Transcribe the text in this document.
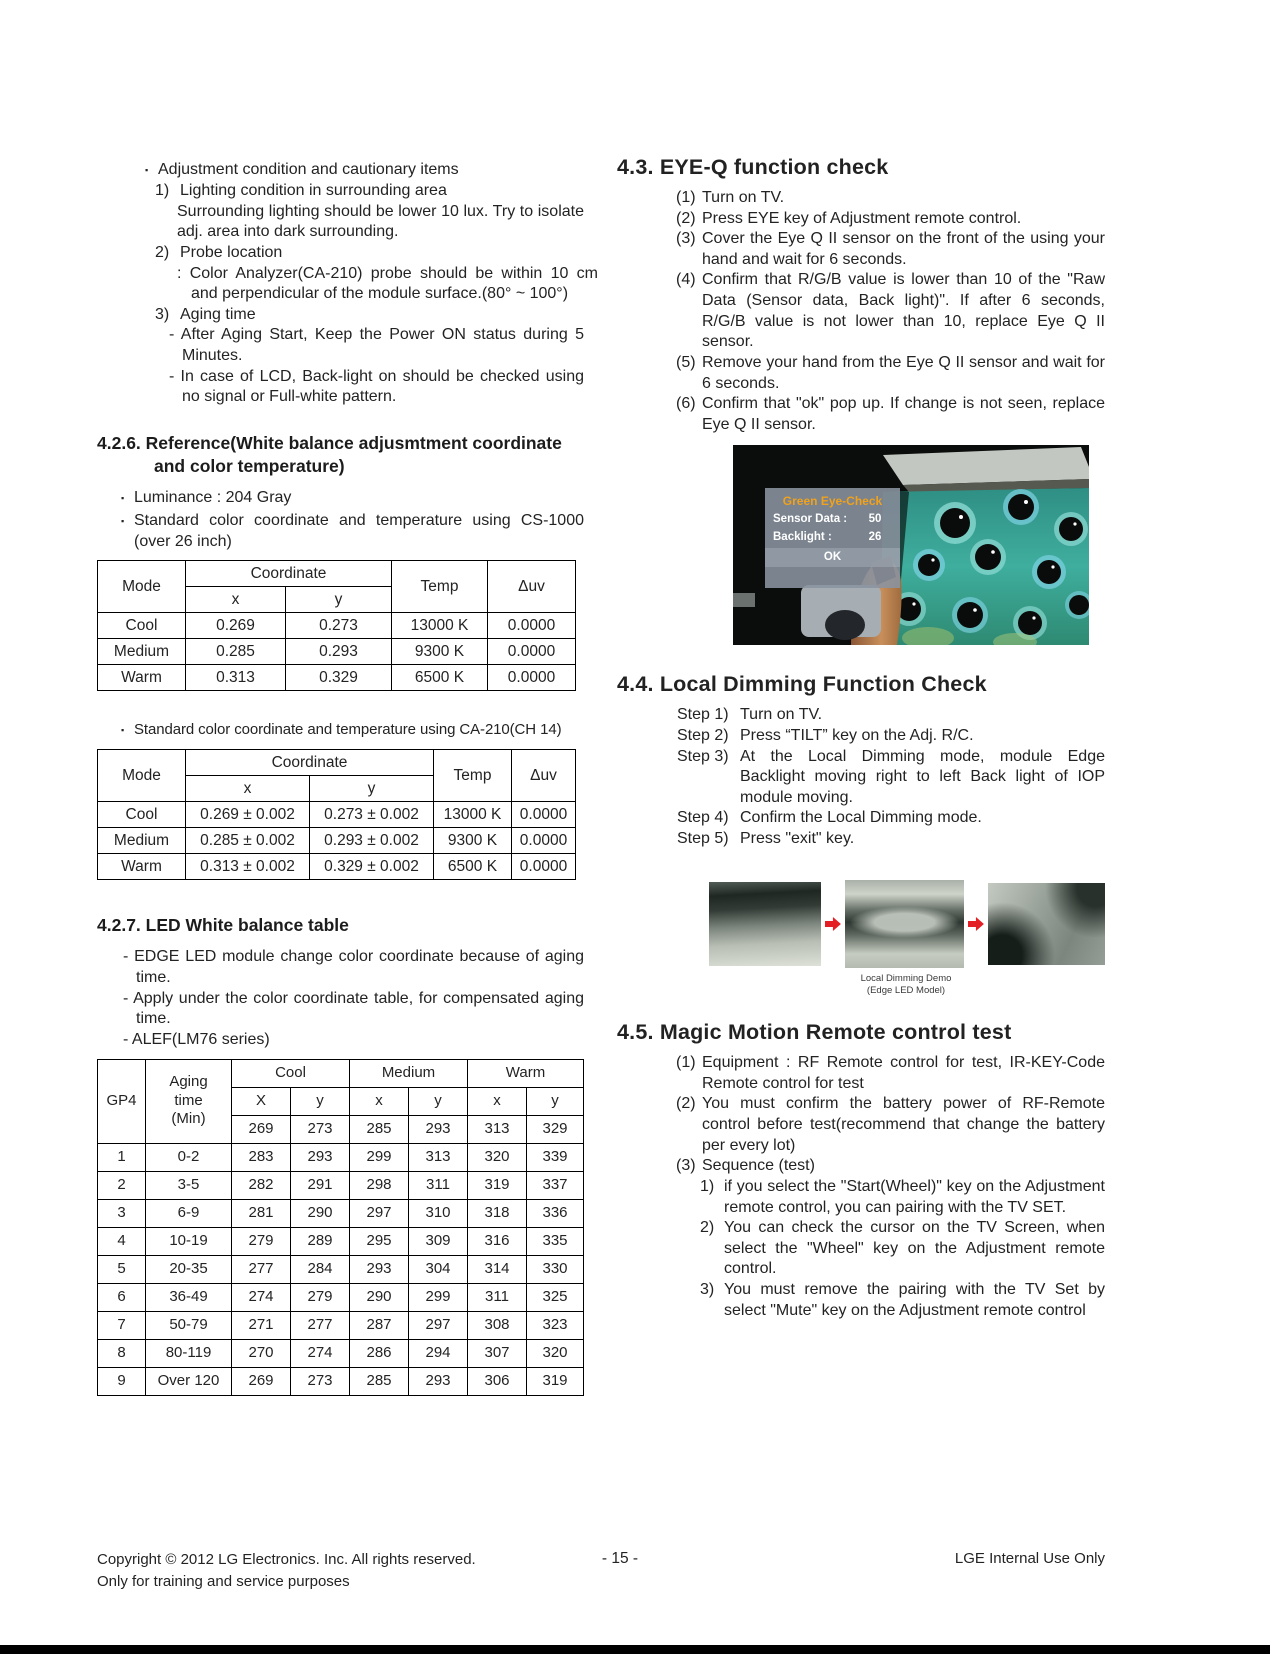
▪ Adjustment condition and cautionary items
1) Lighting condition in surrounding area
Surrounding lighting should be lower 10 lux. Try to isolate adj. area into dark surrounding.
2) Probe location
: Color Analyzer(CA-210) probe should be within 10 cm and perpendicular of the module surface.(80° ~ 100°)
3) Aging time
- After Aging Start, Keep the Power ON status during 5 Minutes.
- In case of LCD, Back-light on should be checked using no signal or Full-white pattern.
4.2.6. Reference(White balance adjusmtment coordinate and color temperature)
▪ Luminance : 204 Gray
▪ Standard color coordinate and temperature using CS-1000 (over 26 inch)
Mode	Coordinate		Temp	Δuv
	x	y		
Cool	0.269	0.273	13000 K	0.0000
Medium	0.285	0.293	9300 K	0.0000
Warm	0.313	0.329	6500 K	0.0000
▪ Standard color coordinate and temperature using CA-210(CH 14)
Mode	Coordinate		Temp	Δuv
	x	y		
Cool	0.269 ± 0.002	0.273 ± 0.002	13000 K	0.0000
Medium	0.285 ± 0.002	0.293 ± 0.002	9300 K	0.0000
Warm	0.313 ± 0.002	0.329 ± 0.002	6500 K	0.0000
4.2.7. LED White balance table
- EDGE LED module change color coordinate because of aging time.
- Apply under the color coordinate table, for compensated aging time.
- ALEF(LM76 series)
GP4	Aging
time
(Min)	Cool		Medium		Warm	
		X	y	x	y	x	y
		269	273	285	293	313	329
1	0-2	283	293	299	313	320	339
2	3-5	282	291	298	311	319	337
3	6-9	281	290	297	310	318	336
4	10-19	279	289	295	309	316	335
5	20-35	277	284	293	304	314	330
6	36-49	274	279	290	299	311	325
7	50-79	271	277	287	297	308	323
8	80-119	270	274	286	294	307	320
9	Over 120	269	273	285	293	306	319
4.3. EYE-Q function check
(1) Turn on TV.
(2) Press EYE key of Adjustment remote control.
(3) Cover the Eye Q II sensor on the front of the using your hand and wait for 6 seconds.
(4) Confirm that R/G/B value is lower than 10 of the "Raw Data (Sensor data, Back light)". If after 6 seconds, R/G/B value is not lower than 10, replace Eye Q II sensor.
(5) Remove your hand from the Eye Q II sensor and wait for 6 seconds.
(6) Confirm that "ok" pop up. If change is not seen, replace Eye Q II sensor.
Green Eye-Check
Sensor Data :	50
Backlight :	26
OK
4.4. Local Dimming Function Check
Step 1) Turn on TV.
Step 2) Press “TILT” key on the Adj. R/C.
Step 3) At the Local Dimming mode, module Edge Backlight moving right to left Back light of IOP module moving.
Step 4) Confirm the Local Dimming mode.
Step 5) Press "exit" key.
Local Dimming Demo
(Edge LED Model)
4.5. Magic Motion Remote control test
(1) Equipment : RF Remote control for test, IR-KEY-Code Remote control for test
(2) You must confirm the battery power of RF-Remote control before test(recommend that change the battery per every lot)
(3) Sequence (test)
1) if you select the "Start(Wheel)" key on the Adjustment remote control, you can pairing with the TV SET.
2) You can check the cursor on the TV Screen, when select the "Wheel" key on the Adjustment remote control.
3) You must remove the pairing with the TV Set by select "Mute" key on the Adjustment remote control
Copyright © 2012 LG Electronics. Inc. All rights reserved.
Only for training and service purposes
- 15 -	LGE Internal Use Only
